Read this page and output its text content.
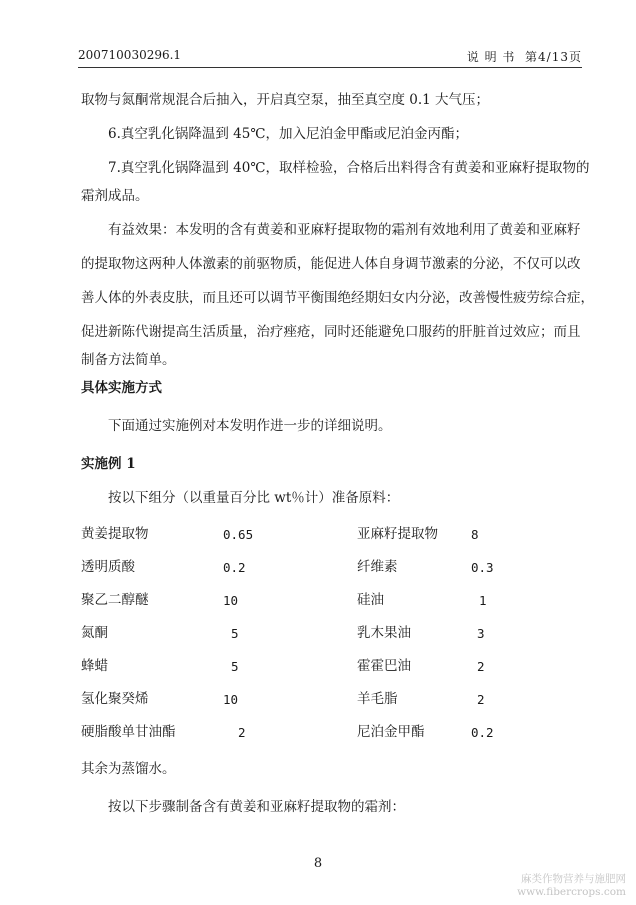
200710030296.1	说 明 书 第4/13页

取物与氮酮常规混合后抽入，开启真空泵，抽至真空度 0.1 大气压；

6.真空乳化锅降温到 45℃，加入尼泊金甲酯或尼泊金丙酯；

7.真空乳化锅降温到 40℃，取样检验，合格后出料得含有黄姜和亚麻籽提取物的

霜剂成品。

有益效果：本发明的含有黄姜和亚麻籽提取物的霜剂有效地利用了黄姜和亚麻籽

的提取物这两种人体激素的前驱物质，能促进人体自身调节激素的分泌，不仅可以改

善人体的外表皮肤，而且还可以调节平衡围绝经期妇女内分泌，改善慢性疲劳综合症，

促进新陈代谢提高生活质量，治疗痤疮，同时还能避免口服药的肝脏首过效应；而且

制备方法简单。

具体实施方式

下面通过实施例对本发明作进一步的详细说明。

实施例 1

按以下组分（以重量百分比 wt％计）准备原料：

黄姜提取物	0.65	亚麻籽提取物	8
透明质酸	0.2	纤维素	0.3
聚乙二醇醚	10	硅油	1
氮酮	5	乳木果油	3
蜂蜡	5	霍霍巴油	2
氢化聚癸烯	10	羊毛脂	2
硬脂酸单甘油酯	2	尼泊金甲酯	0.2

其余为蒸馏水。

按以下步骤制备含有黄姜和亚麻籽提取物的霜剂：

8
麻类作物营养与施肥网
www.fibercrops.com
